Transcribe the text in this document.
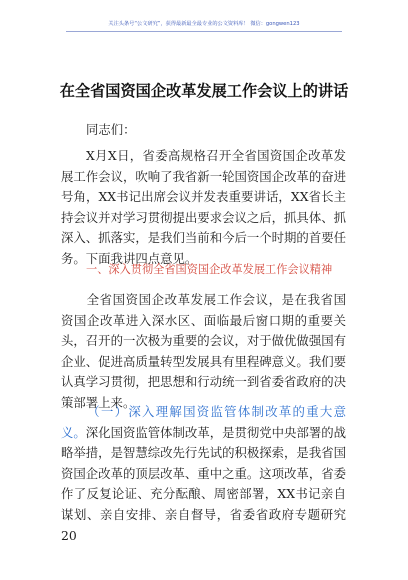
关注头条号“公文研究”，获得最新最全最专业的公文资料库！ 微信：gongwen123
在全省国资国企改革发展工作会议上的讲话
同志们：
X月X日，省委高规格召开全省国资国企改革发展工作会议，吹响了我省新一轮国资国企改革的奋进号角，XX书记出席会议并发表重要讲话，XX省长主持会议并对学习贯彻提出要求会议之后，抓具体、抓深入、抓落实，是我们当前和今后一个时期的首要任务。下面我讲四点意见。
一、深入贯彻全省国资国企改革发展工作会议精神
全省国资国企改革发展工作会议，是在我省国资国企改革进入深水区、面临最后窗口期的重要关头，召开的一次极为重要的会议，对于做优做强国有企业、促进高质量转型发展具有里程碑意义。我们要认真学习贯彻，把思想和行动统一到省委省政府的决策部署上来。
（一）深入理解国资监管体制改革的重大意义。深化国资监管体制改革，是贯彻党中央部署的战略举措，是智慧综改先行先试的积极探索，是我省国资国企改革的顶层改革、重中之重。这项改革，省委作了反复论证、充分酝酿、周密部署，XX书记亲自谋划、亲自安排、亲自督导，省委省政府专题研究20
